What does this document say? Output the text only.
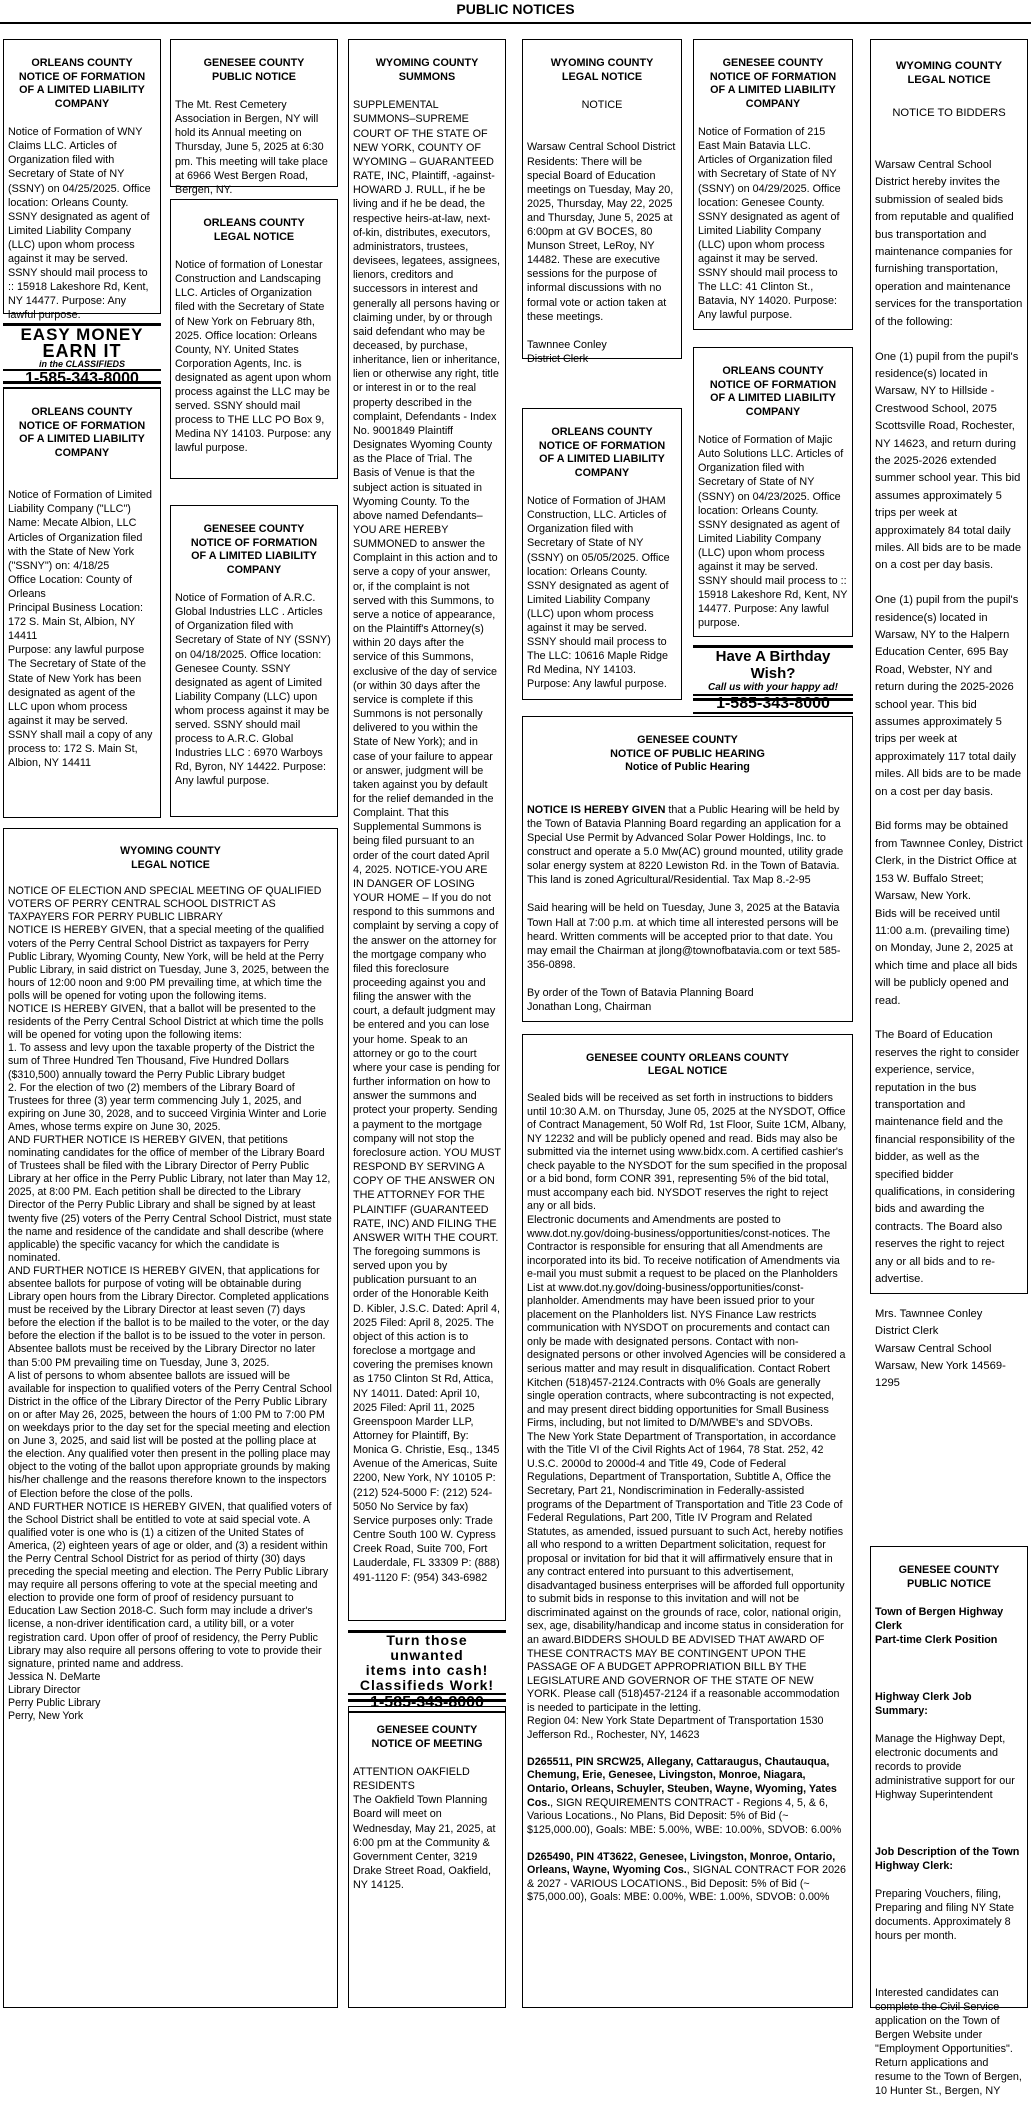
PUBLIC NOTICES

ORLEANS COUNTY
NOTICE OF FORMATION
OF A LIMITED LIABILITY
COMPANY

Notice of Formation of WNY Claims LLC. Articles of Organization filed with Secretary of State of NY (SSNY) on 04/25/2025. Office location: Orleans County. SSNY designated as agent of Limited Liability Company (LLC) upon whom process against it may be served. SSNY should mail process to :: 15918 Lakeshore Rd, Kent, NY 14477. Purpose: Any lawful purpose.

EASY MONEY
EARN IT
in the CLASSIFIEDS
1-585-343-8000

ORLEANS COUNTY
NOTICE OF FORMATION
OF A LIMITED LIABILITY
COMPANY

Notice of Formation of Limited Liability Company ("LLC")
Name: Mecate Albion, LLC Articles of Organization filed with the State of New York ("SSNY") on: 4/18/25
Office Location: County of Orleans
Principal Business Location: 172 S. Main St, Albion, NY 14411
Purpose: any lawful purpose
The Secretary of State of the State of New York has been designated as agent of the LLC upon whom process against it may be served. SSNY shall mail a copy of any process to: 172 S. Main St, Albion, NY 14411

GENESEE COUNTY
PUBLIC NOTICE

The Mt. Rest Cemetery Association in Bergen, NY will hold its Annual meeting on Thursday, June 5, 2025 at 6:30 pm. This meeting will take place at 6966 West Bergen Road, Bergen, NY.

ORLEANS COUNTY
LEGAL NOTICE

Notice of formation of Lonestar Construction and Landscaping LLC. Articles of Organization filed with the Secretary of State of New York on February 8th, 2025. Office location: Orleans County, NY. United States Corporation Agents, Inc. is designated as agent upon whom process against the LLC may be served. SSNY should mail process to THE LLC PO Box 9, Medina NY 14103. Purpose: any lawful purpose.

GENESEE COUNTY
NOTICE OF FORMATION
OF A LIMITED LIABILITY
COMPANY

Notice of Formation of A.R.C. Global Industries LLC . Articles of Organization filed with Secretary of State of NY (SSNY) on 04/18/2025. Office location: Genesee County. SSNY designated as agent of Limited Liability Company (LLC) upon whom process against it may be served. SSNY should mail process to A.R.C. Global Industries LLC : 6970 Warboys Rd, Byron, NY 14422. Purpose: Any lawful purpose.

WYOMING COUNTY
LEGAL NOTICE

NOTICE OF ELECTION AND SPECIAL MEETING OF QUALIFIED VOTERS OF PERRY CENTRAL SCHOOL DISTRICT AS TAXPAYERS FOR PERRY PUBLIC LIBRARY
NOTICE IS HEREBY GIVEN, that a special meeting of the qualified voters of the Perry Central School District as taxpayers for Perry Public Library, Wyoming County, New York, will be held at the Perry Public Library, in said district on Tuesday, June 3, 2025, between the hours of 12:00 noon and 9:00 PM prevailing time, at which time the polls will be opened for voting upon the following items.
NOTICE IS HEREBY GIVEN, that a ballot will be presented to the residents of the Perry Central School District at which time the polls will be opened for voting upon the following items:
1. To assess and levy upon the taxable property of the District the sum of Three Hundred Ten Thousand, Five Hundred Dollars ($310,500) annually toward the Perry Public Library budget
2. For the election of two (2) members of the Library Board of Trustees for three (3) year term commencing July 1, 2025, and expiring on June 30, 2028, and to succeed Virginia Winter and Lorie Ames, whose terms expire on June 30, 2025.
AND FURTHER NOTICE IS HEREBY GIVEN, that petitions nominating candidates for the office of member of the Library Board of Trustees shall be filed with the Library Director of Perry Public Library at her office in the Perry Public Library, not later than May 12, 2025, at 8:00 PM. Each petition shall be directed to the Library Director of the Perry Public Library and shall be signed by at least twenty five (25) voters of the Perry Central School District, must state the name and residence of the candidate and shall describe (where applicable) the specific vacancy for which the candidate is nominated.
AND FURTHER NOTICE IS HEREBY GIVEN, that applications for absentee ballots for purpose of voting will be obtainable during Library open hours from the Library Director. Completed applications must be received by the Library Director at least seven (7) days before the election if the ballot is to be mailed to the voter, or the day before the election if the ballot is to be issued to the voter in person. Absentee ballots must be received by the Library Director no later than 5:00 PM prevailing time on Tuesday, June 3, 2025.
A list of persons to whom absentee ballots are issued will be available for inspection to qualified voters of the Perry Central School District in the office of the Library Director of the Perry Public Library on or after May 26, 2025, between the hours of 1:00 PM to 7:00 PM on weekdays prior to the day set for the special meeting and election on June 3, 2025, and said list will be posted at the polling place at the election. Any qualified voter then present in the polling place may object to the voting of the ballot upon appropriate grounds by making his/her challenge and the reasons therefore known to the inspectors of Election before the close of the polls.
AND FURTHER NOTICE IS HEREBY GIVEN, that qualified voters of the School District shall be entitled to vote at said special vote. A qualified voter is one who is (1) a citizen of the United States of America, (2) eighteen years of age or older, and (3) a resident within the Perry Central School District for as period of thirty (30) days preceding the special meeting and election. The Perry Public Library may require all persons offering to vote at the special meeting and election to provide one form of proof of residency pursuant to Education Law Section 2018-C. Such form may include a driver's license, a non-driver identification card, a utility bill, or a voter registration card. Upon offer of proof of residency, the Perry Public Library may also require all persons offering to vote to provide their signature, printed name and address.
Jessica N. DeMarte
Library Director
Perry Public Library
Perry, New York

WYOMING COUNTY
SUMMONS

SUPPLEMENTAL SUMMONS–SUPREME COURT OF THE STATE OF NEW YORK, COUNTY OF WYOMING – GUARANTEED RATE, INC, Plaintiff, -against- HOWARD J. RULL, if he be living and if he be dead, the respective heirs-at-law, next-of-kin, distributes, executors, administrators, trustees, devisees, legatees, assignees, lienors, creditors and successors in interest and generally all persons having or claiming under, by or through said defendant who may be deceased, by purchase, inheritance, lien or inheritance, lien or otherwise any right, title or interest in or to the real property described in the complaint, Defendants - Index No. 9001849 Plaintiff Designates Wyoming County as the Place of Trial. The Basis of Venue is that the subject action is situated in Wyoming County. To the above named Defendants–YOU ARE HEREBY SUMMONED to answer the Complaint in this action and to serve a copy of your answer, or, if the complaint is not served with this Summons, to serve a notice of appearance, on the Plaintiff's Attorney(s) within 20 days after the service of this Summons, exclusive of the day of service (or within 30 days after the service is complete if this Summons is not personally delivered to you within the State of New York); and in case of your failure to appear or answer, judgment will be taken against you by default for the relief demanded in the Complaint. That this Supplemental Summons is being filed pursuant to an order of the court dated April 4, 2025. NOTICE-YOU ARE IN DANGER OF LOSING YOUR HOME – If you do not respond to this summons and complaint by serving a copy of the answer on the attorney for the mortgage company who filed this foreclosure proceeding against you and filing the answer with the court, a default judgment may be entered and you can lose your home. Speak to an attorney or go to the court where your case is pending for further information on how to answer the summons and protect your property. Sending a payment to the mortgage company will not stop the foreclosure action. YOU MUST RESPOND BY SERVING A COPY OF THE ANSWER ON THE ATTORNEY FOR THE PLAINTIFF (GUARANTEED RATE, INC) AND FILING THE ANSWER WITH THE COURT. The foregoing summons is served upon you by publication pursuant to an order of the Honorable Keith D. Kibler, J.S.C. Dated: April 4, 2025 Filed: April 8, 2025. The object of this action is to foreclose a mortgage and covering the premises known as 1750 Clinton St Rd, Attica, NY 14011. Dated: April 10, 2025 Filed: April 11, 2025 Greenspoon Marder LLP, Attorney for Plaintiff, By: Monica G. Christie, Esq., 1345 Avenue of the Americas, Suite 2200, New York, NY 10105 P: (212) 524-5000 F: (212) 524-5050 No Service by fax) Service purposes only: Trade Centre South 100 W. Cypress Creek Road, Suite 700, Fort Lauderdale, FL 33309 P: (888) 491-1120 F: (954) 343-6982

Turn those unwanted
items into cash!
Classifieds Work!
1-585-343-8000

GENESEE COUNTY
NOTICE OF MEETING

ATTENTION OAKFIELD RESIDENTS
The Oakfield Town Planning Board will meet on Wednesday, May 21, 2025, at 6:00 pm at the Community & Government Center, 3219 Drake Street Road, Oakfield, NY 14125.

WYOMING COUNTY
LEGAL NOTICE

NOTICE

Warsaw Central School District Residents: There will be special Board of Education meetings on Tuesday, May 20, 2025, Thursday, May 22, 2025 and Thursday, June 5, 2025 at 6:00pm at GV BOCES, 80 Munson Street, LeRoy, NY 14482. These are executive sessions for the purpose of informal discussions with no formal vote or action taken at these meetings.

Tawnnee Conley
District Clerk

ORLEANS COUNTY
NOTICE OF FORMATION
OF A LIMITED LIABILITY
COMPANY

Notice of Formation of JHAM Construction, LLC. Articles of Organization filed with Secretary of State of NY (SSNY) on 05/05/2025. Office location: Orleans County. SSNY designated as agent of Limited Liability Company (LLC) upon whom process against it may be served. SSNY should mail process to The LLC: 10616 Maple Ridge Rd Medina, NY 14103. Purpose: Any lawful purpose.

GENESEE COUNTY
NOTICE OF FORMATION
OF A LIMITED LIABILITY
COMPANY

Notice of Formation of 215 East Main Batavia LLC. Articles of Organization filed with Secretary of State of NY (SSNY) on 04/29/2025. Office location: Genesee County. SSNY designated as agent of Limited Liability Company (LLC) upon whom process against it may be served. SSNY should mail process to The LLC: 41 Clinton St., Batavia, NY 14020. Purpose: Any lawful purpose.

ORLEANS COUNTY
NOTICE OF FORMATION
OF A LIMITED LIABILITY
COMPANY

Notice of Formation of Majic Auto Solutions LLC. Articles of Organization filed with Secretary of State of NY (SSNY) on 04/23/2025. Office location: Orleans County. SSNY designated as agent of Limited Liability Company (LLC) upon whom process against it may be served. SSNY should mail process to :: 15918 Lakeshore Rd, Kent, NY 14477. Purpose: Any lawful purpose.

Have A Birthday Wish?
Call us with your happy ad!
1-585-343-8000

GENESEE COUNTY
NOTICE OF PUBLIC HEARING
Notice of Public Hearing

NOTICE IS HEREBY GIVEN that a Public Hearing will be held by the Town of Batavia Planning Board regarding an application for a Special Use Permit by Advanced Solar Power Holdings, Inc. to construct and operate a 5.0 Mw(AC) ground mounted, utility grade solar energy system at 8220 Lewiston Rd. in the Town of Batavia. This land is zoned Agricultural/Residential. Tax Map 8.-2-95

Said hearing will be held on Tuesday, June 3, 2025 at the Batavia Town Hall at 7:00 p.m. at which time all interested persons will be heard. Written comments will be accepted prior to that date. You may email the Chairman at jlong@townofbatavia.com or text 585-356-0898.

By order of the Town of Batavia Planning Board
Jonathan Long, Chairman

GENESEE COUNTY ORLEANS COUNTY
LEGAL NOTICE

Sealed bids will be received as set forth in instructions to bidders until 10:30 A.M. on Thursday, June 05, 2025 at the NYSDOT, Office of Contract Management, 50 Wolf Rd, 1st Floor, Suite 1CM, Albany, NY 12232 and will be publicly opened and read. Bids may also be submitted via the internet using www.bidx.com. A certified cashier's check payable to the NYSDOT for the sum specified in the proposal or a bid bond, form CONR 391, representing 5% of the bid total, must accompany each bid. NYSDOT reserves the right to reject any or all bids.
Electronic documents and Amendments are posted to www.dot.ny.gov/doing-business/opportunities/const-notices. The Contractor is responsible for ensuring that all Amendments are incorporated into its bid. To receive notification of Amendments via e-mail you must submit a request to be placed on the Planholders List at www.dot.ny.gov/doing-business/opportunities/const-planholder. Amendments may have been issued prior to your placement on the Planholders list. NYS Finance Law restricts communication with NYSDOT on procurements and contact can only be made with designated persons. Contact with non-designated persons or other involved Agencies will be considered a serious matter and may result in disqualification. Contact Robert Kitchen (518)457-2124.Contracts with 0% Goals are generally single operation contracts, where subcontracting is not expected, and may present direct bidding opportunities for Small Business Firms, including, but not limited to D/M/WBE's and SDVOBs.
The New York State Department of Transportation, in accordance with the Title VI of the Civil Rights Act of 1964, 78 Stat. 252, 42 U.S.C. 2000d to 2000d-4 and Title 49, Code of Federal Regulations, Department of Transportation, Subtitle A, Office the Secretary, Part 21, Nondiscrimination in Federally-assisted programs of the Department of Transportation and Title 23 Code of Federal Regulations, Part 200, Title IV Program and Related Statutes, as amended, issued pursuant to such Act, hereby notifies all who respond to a written Department solicitation, request for proposal or invitation for bid that it will affirmatively ensure that in any contract entered into pursuant to this advertisement, disadvantaged business enterprises will be afforded full opportunity to submit bids in response to this invitation and will not be discriminated against on the grounds of race, color, national origin, sex, age, disability/handicap and income status in consideration for an award.BIDDERS SHOULD BE ADVISED THAT AWARD OF THESE CONTRACTS MAY BE CONTINGENT UPON THE PASSAGE OF A BUDGET APPROPRIATION BILL BY THE LEGISLATURE AND GOVERNOR OF THE STATE OF NEW YORK. Please call (518)457-2124 if a reasonable accommodation is needed to participate in the letting.
Region 04: New York State Department of Transportation 1530 Jefferson Rd., Rochester, NY, 14623

D265511, PIN SRCW25, Allegany, Cattaraugus, Chautauqua, Chemung, Erie, Genesee, Livingston, Monroe, Niagara, Ontario, Orleans, Schuyler, Steuben, Wayne, Wyoming, Yates Cos., SIGN REQUIREMENTS CONTRACT - Regions 4, 5, & 6, Various Locations., No Plans, Bid Deposit: 5% of Bid (~ $125,000.00), Goals: MBE: 5.00%, WBE: 10.00%, SDVOB: 6.00%

D265490, PIN 4T3622, Genesee, Livingston, Monroe, Ontario, Orleans, Wayne, Wyoming Cos., SIGNAL CONTRACT FOR 2026 & 2027 - VARIOUS LOCATIONS., Bid Deposit: 5% of Bid (~ $75,000.00), Goals: MBE: 0.00%, WBE: 1.00%, SDVOB: 0.00%

WYOMING COUNTY
LEGAL NOTICE

NOTICE TO BIDDERS

Warsaw Central School District hereby invites the submission of sealed bids from reputable and qualified bus transportation and maintenance companies for furnishing transportation, operation and maintenance services for the transportation of the following:

One (1) pupil from the pupil's residence(s) located in Warsaw, NY to Hillside - Crestwood School, 2075 Scottsville Road, Rochester, NY 14623, and return during the 2025-2026 extended summer school year. This bid assumes approximately 5 trips per week at approximately 84 total daily miles. All bids are to be made on a cost per day basis.

One (1) pupil from the pupil's residence(s) located in Warsaw, NY to the Halpern Education Center, 695 Bay Road, Webster, NY and return during the 2025-2026 school year. This bid assumes approximately 5 trips per week at approximately 117 total daily miles. All bids are to be made on a cost per day basis.

Bid forms may be obtained from Tawnnee Conley, District Clerk, in the District Office at 153 W. Buffalo Street; Warsaw, New York.
Bids will be received until 11:00 a.m. (prevailing time) on Monday, June 2, 2025 at which time and place all bids will be publicly opened and read.

The Board of Education reserves the right to consider experience, service, reputation in the bus transportation and maintenance field and the financial responsibility of the bidder, as well as the specified bidder qualifications, in considering bids and awarding the contracts. The Board also reserves the right to reject any or all bids and to re-advertise.

Mrs. Tawnnee Conley
District Clerk
Warsaw Central School
Warsaw, New York 14569-1295

GENESEE COUNTY
PUBLIC NOTICE

Town of Bergen Highway Clerk
Part-time Clerk Position

Highway Clerk Job Summary:

Manage the Highway Dept, electronic documents and records to provide administrative support for our Highway Superintendent

Job Description of the Town Highway Clerk:

Preparing Vouchers, filing, Preparing and filing NY State documents. Approximately 8 hours per month.

Interested candidates can complete the Civil Service application on the Town of Bergen Website under "Employment Opportunities". Return applications and resume to the Town of Bergen, 10 Hunter St., Bergen, NY
